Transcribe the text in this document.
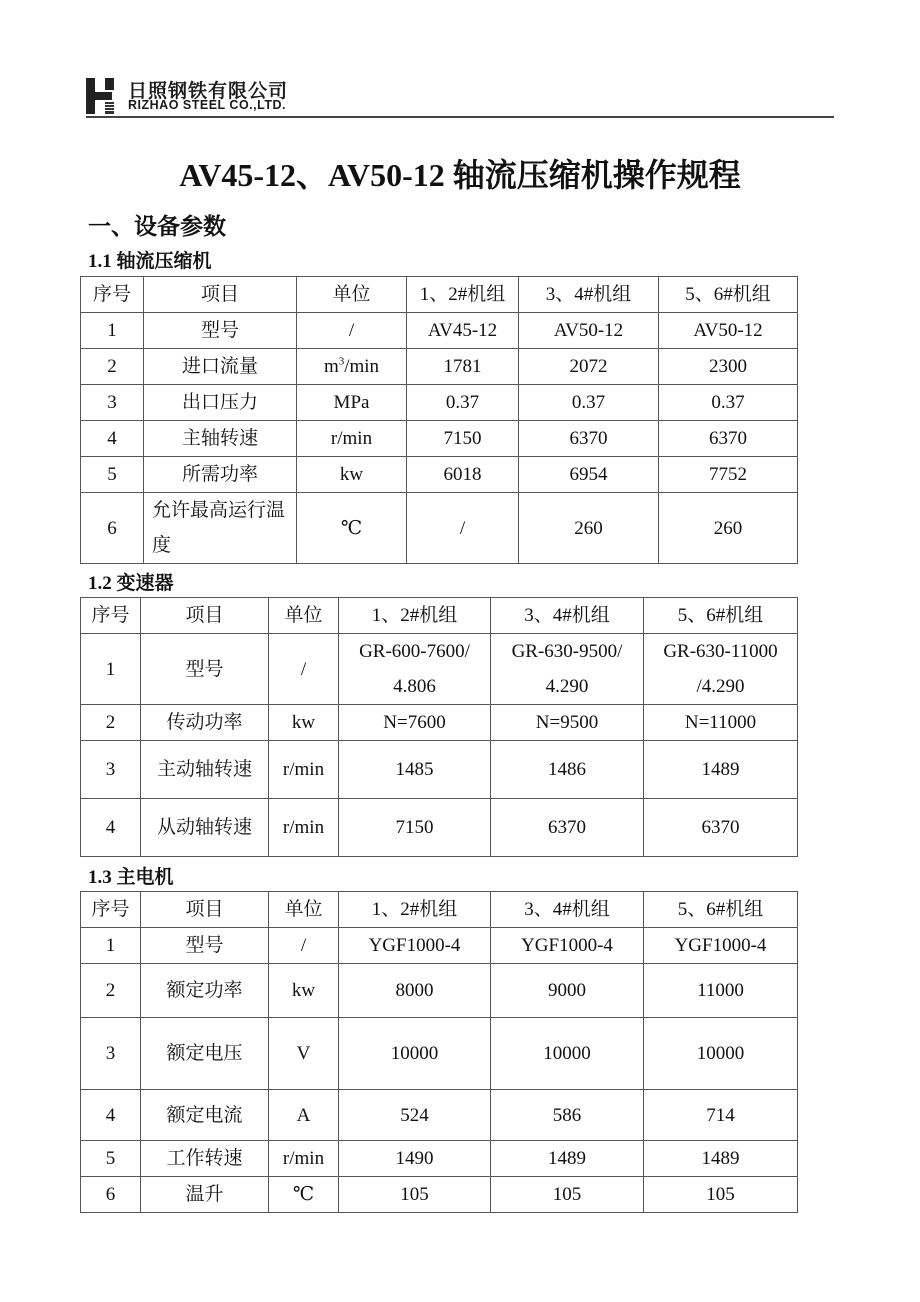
日照钢铁有限公司
RIZHAO STEEL CO.,LTD.
AV45-12、AV50-12 轴流压缩机操作规程
一、设备参数
1.1 轴流压缩机
序号	项目	单位	1、2#机组	3、4#机组	5、6#机组
1	型号	/	AV45-12	AV50-12	AV50-12
2	进口流量	$m^3/\min$	1781	2072	2300
3	出口压力	MPa	0.37	0.37	0.37
4	主轴转速	r/min	7150	6370	6370
5	所需功率	kw	6018	6954	7752
6	允许最高运行温度	℃	/	260	260
1.2 变速器
序号	项目	单位	1、2#机组	3、4#机组	5、6#机组
1	型号	/	GR-600-7600/ 4.806	GR-630-9500/ 4.290	GR-630-11000 /4.290
2	传动功率	kw	N=7600	N=9500	N=11000
3	主动轴转速	r/min	1485	1486	1489
4	从动轴转速	r/min	7150	6370	6370
1.3 主电机
序号	项目	单位	1、2#机组	3、4#机组	5、6#机组
1	型号	/	YGF1000-4	YGF1000-4	YGF1000-4
2	额定功率	kw	8000	9000	11000
3	额定电压	V	10000	10000	10000
4	额定电流	A	524	586	714
5	工作转速	r/min	1490	1489	1489
6	温升	℃	105	105	105
